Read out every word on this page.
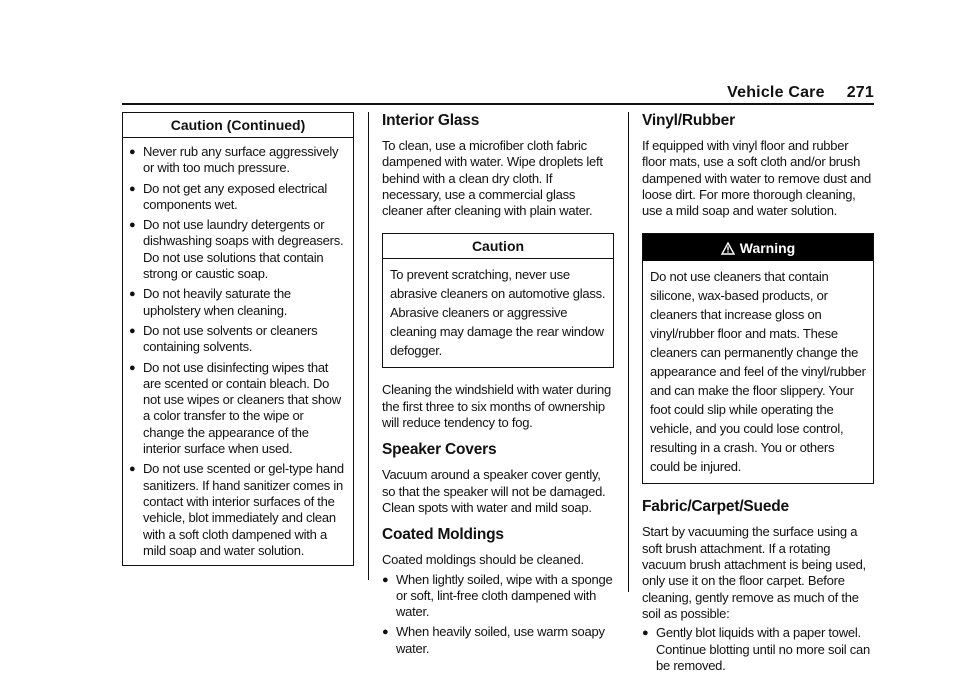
Vehicle Care 271
Caution (Continued)
● Never rub any surface aggressively or with too much pressure.
● Do not get any exposed electrical components wet.
● Do not use laundry detergents or dishwashing soaps with degreasers. Do not use solutions that contain strong or caustic soap.
● Do not heavily saturate the upholstery when cleaning.
● Do not use solvents or cleaners containing solvents.
● Do not use disinfecting wipes that are scented or contain bleach. Do not use wipes or cleaners that show a color transfer to the wipe or change the appearance of the interior surface when used.
● Do not use scented or gel-type hand sanitizers. If hand sanitizer comes in contact with interior surfaces of the vehicle, blot immediately and clean with a soft cloth dampened with a mild soap and water solution.
Interior Glass

To clean, use a microfiber cloth fabric dampened with water. Wipe droplets left behind with a clean dry cloth. If necessary, use a commercial glass cleaner after cleaning with plain water.

Caution
To prevent scratching, never use abrasive cleaners on automotive glass. Abrasive cleaners or aggressive cleaning may damage the rear window defogger.

Cleaning the windshield with water during the first three to six months of ownership will reduce tendency to fog.

Speaker Covers

Vacuum around a speaker cover gently, so that the speaker will not be damaged. Clean spots with water and mild soap.

Coated Moldings

Coated moldings should be cleaned.

● When lightly soiled, wipe with a sponge or soft, lint-free cloth dampened with water.
● When heavily soiled, use warm soapy water.
Vinyl/Rubber

If equipped with vinyl floor and rubber floor mats, use a soft cloth and/or brush dampened with water to remove dust and loose dirt. For more thorough cleaning, use a mild soap and water solution.

Warning
Do not use cleaners that contain silicone, wax-based products, or cleaners that increase gloss on vinyl/rubber floor and mats. These cleaners can permanently change the appearance and feel of the vinyl/rubber and can make the floor slippery. Your foot could slip while operating the vehicle, and you could lose control, resulting in a crash. You or others could be injured.
Fabric/Carpet/Suede

Start by vacuuming the surface using a soft brush attachment. If a rotating vacuum brush attachment is being used, only use it on the floor carpet. Before cleaning, gently remove as much of the soil as possible:

● Gently blot liquids with a paper towel. Continue blotting until no more soil can be removed.
